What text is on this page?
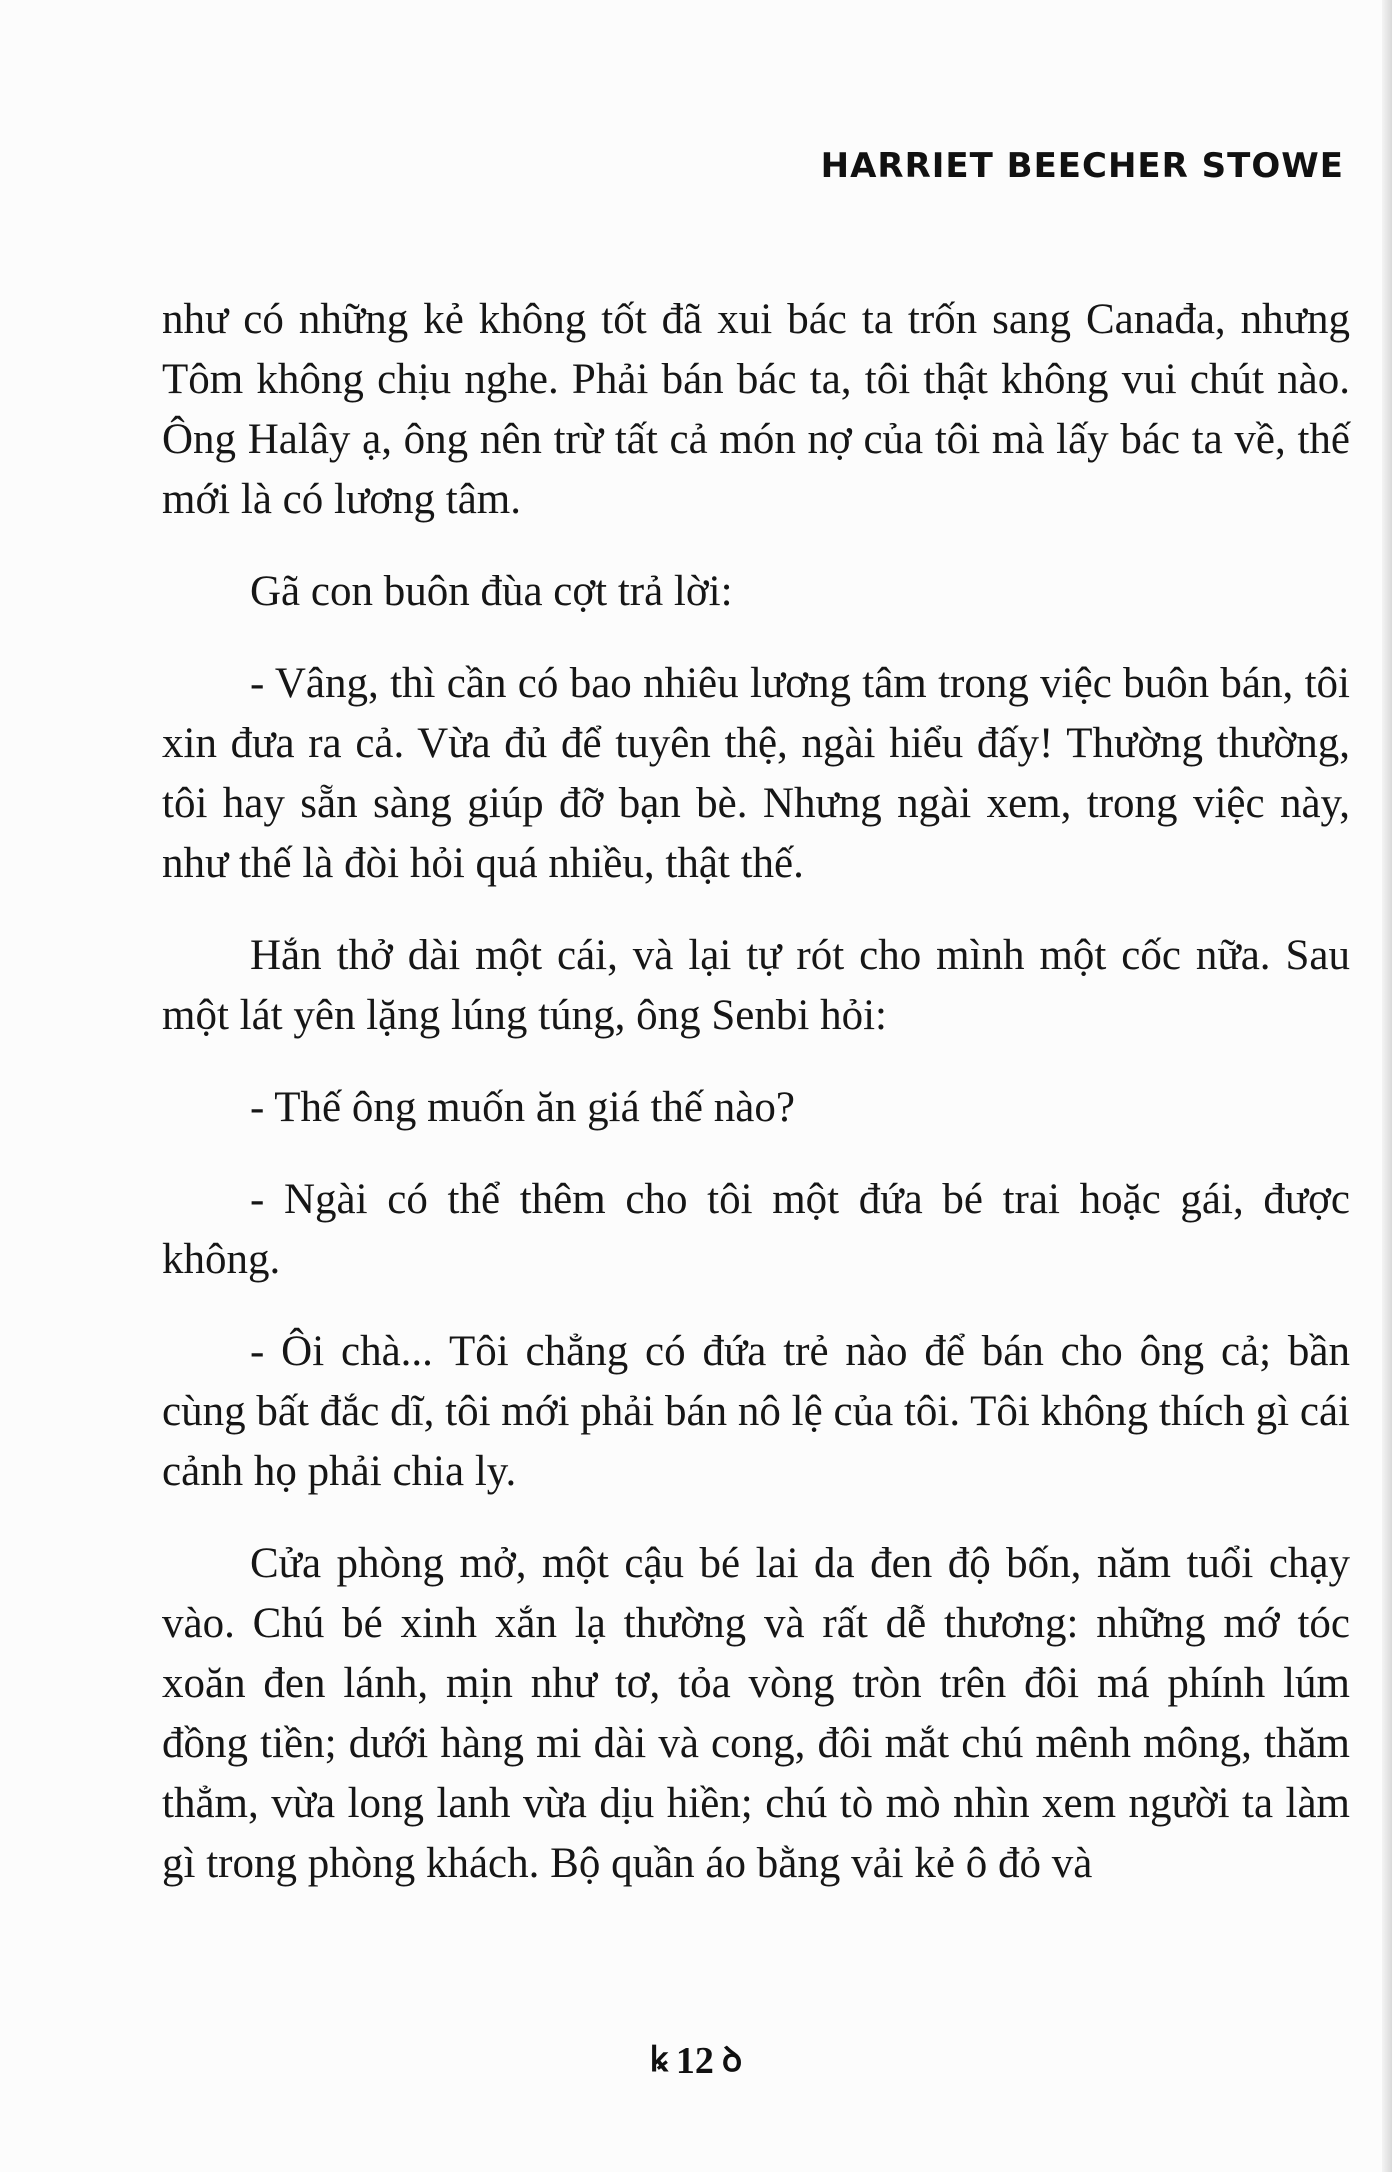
HARRIET BEECHER STOWE

như có những kẻ không tốt đã xui bác ta trốn sang Canađa, nhưng Tôm không chịu nghe. Phải bán bác ta, tôi thật không vui chút nào. Ông Halây ạ, ông nên trừ tất cả món nợ của tôi mà lấy bác ta về, thế mới là có lương tâm.

Gã con buôn đùa cợt trả lời:

- Vâng, thì cần có bao nhiêu lương tâm trong việc buôn bán, tôi xin đưa ra cả. Vừa đủ để tuyên thệ, ngài hiểu đấy! Thường thường, tôi hay sẵn sàng giúp đỡ bạn bè. Nhưng ngài xem, trong việc này, như thế là đòi hỏi quá nhiều, thật thế.

Hắn thở dài một cái, và lại tự rót cho mình một cốc nữa. Sau một lát yên lặng lúng túng, ông Senbi hỏi:

- Thế ông muốn ăn giá thế nào?

- Ngài có thể thêm cho tôi một đứa bé trai hoặc gái, được không.

- Ôi chà... Tôi chẳng có đứa trẻ nào để bán cho ông cả; bần cùng bất đắc dĩ, tôi mới phải bán nô lệ của tôi. Tôi không thích gì cái cảnh họ phải chia ly.

Cửa phòng mở, một cậu bé lai da đen độ bốn, năm tuổi chạy vào. Chú bé xinh xắn lạ thường và rất dễ thương: những mớ tóc xoăn đen lánh, mịn như tơ, tỏa vòng tròn trên đôi má phính lúm đồng tiền; dưới hàng mi dài và cong, đôi mắt chú mênh mông, thăm thẳm, vừa long lanh vừa dịu hiền; chú tò mò nhìn xem người ta làm gì trong phòng khách. Bộ quần áo bằng vải kẻ ô đỏ và

ꝃ 12 ꝺ
